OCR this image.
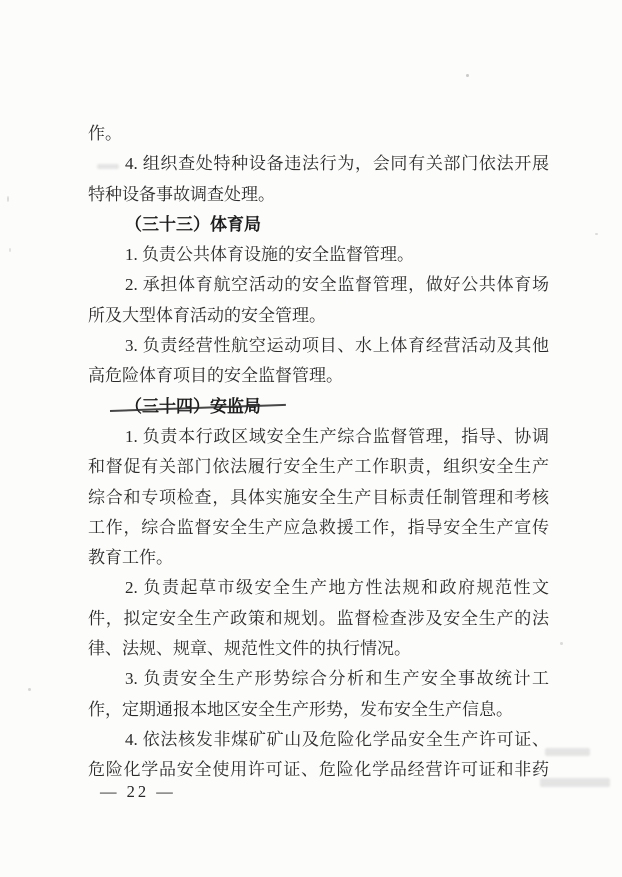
作。
4. 组织查处特种设备违法行为，会同有关部门依法开展
特种设备事故调查处理。
（三十三）体育局
1. 负责公共体育设施的安全监督管理。
2. 承担体育航空活动的安全监督管理，做好公共体育场
所及大型体育活动的安全管理。
3. 负责经营性航空运动项目、水上体育经营活动及其他
高危险体育项目的安全监督管理。
（三十四）安监局
1. 负责本行政区域安全生产综合监督管理，指导、协调
和督促有关部门依法履行安全生产工作职责，组织安全生产
综合和专项检查，具体实施安全生产目标责任制管理和考核
工作，综合监督安全生产应急救援工作，指导安全生产宣传
教育工作。
2. 负责起草市级安全生产地方性法规和政府规范性文
件，拟定安全生产政策和规划。监督检查涉及安全生产的法
律、法规、规章、规范性文件的执行情况。
3. 负责安全生产形势综合分析和生产安全事故统计工
作，定期通报本地区安全生产形势，发布安全生产信息。
4. 依法核发非煤矿矿山及危险化学品安全生产许可证、
危险化学品安全使用许可证、危险化学品经营许可证和非药
— 22 —
